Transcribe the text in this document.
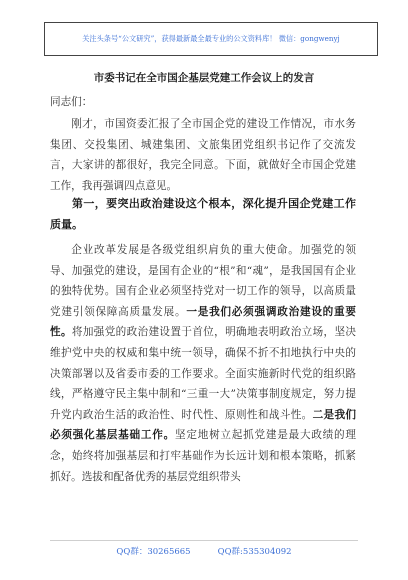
关注头条号“公文研究”，获得最新最全最专业的公文资料库！ 微信：gongwenyj
市委书记在全市国企基层党建工作会议上的发言
同志们：

刚才，市国资委汇报了全市国企党的建设工作情况，市水务集团、交投集团、城建集团、文旅集团党组织书记作了交流发言，大家讲的都很好，我完全同意。下面，就做好全市国企党建工作，我再强调四点意见。

第一，要突出政治建设这个根本，深化提升国企党建工作质量。

企业改革发展是各级党组织肩负的重大使命。加强党的领导、加强党的建设，是国有企业的“根”和“魂”，是我国国有企业的独特优势。国有企业必须坚持党对一切工作的领导，以高质量党建引领保障高质量发展。一是我们必须强调政治建设的重要性。将加强党的政治建设置于首位，明确地表明政治立场，坚决维护党中央的权威和集中统一领导，确保不折不扣地执行中央的决策部署以及省委市委的工作要求。全面实施新时代党的组织路线，严格遵守民主集中制和“三重一大”决策事制度规定，努力提升党内政治生活的政治性、时代性、原则性和战斗性。二是我们必须强化基层基础工作。坚定地树立起抓党建是最大政绩的理念，始终将加强基层和打牢基础作为长远计划和根本策略，抓紧抓好。选拔和配备优秀的基层党组织带头

QQ群：30265665          QQ群:535304092
